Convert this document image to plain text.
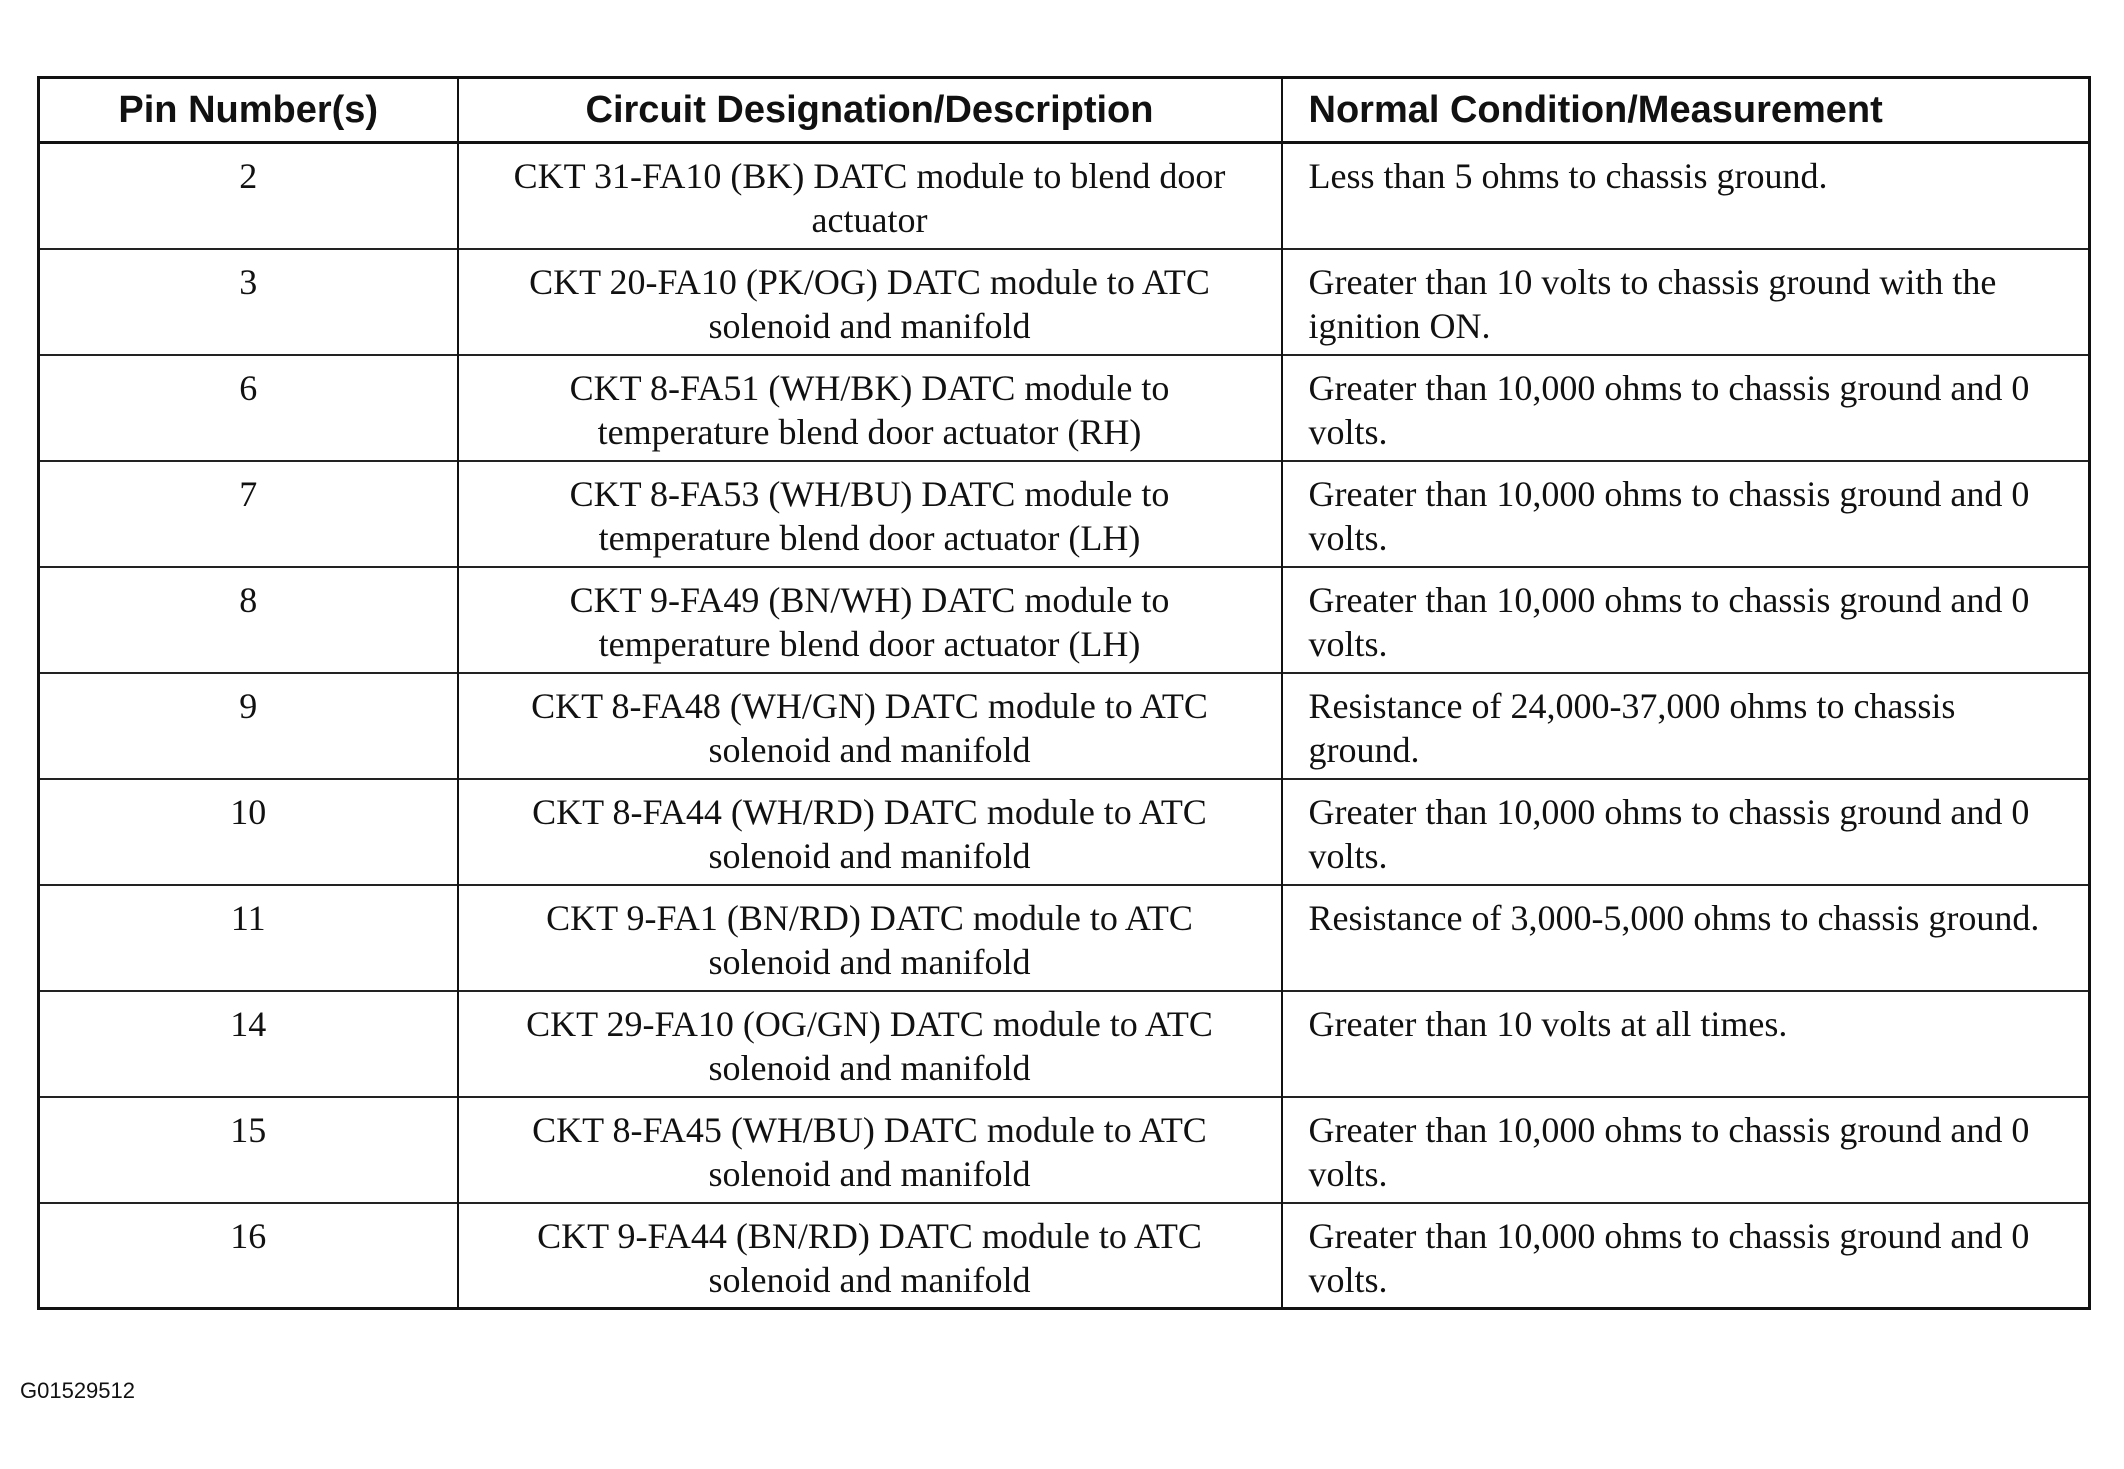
Pin Number(s)	Circuit Designation/Description	Normal Condition/Measurement
2	CKT 31-FA10 (BK) DATC module to blend door actuator	Less than 5 ohms to chassis ground.
3	CKT 20-FA10 (PK/OG) DATC module to ATC solenoid and manifold	Greater than 10 volts to chassis ground with the ignition ON.
6	CKT 8-FA51 (WH/BK) DATC module to temperature blend door actuator (RH)	Greater than 10,000 ohms to chassis ground and 0 volts.
7	CKT 8-FA53 (WH/BU) DATC module to temperature blend door actuator (LH)	Greater than 10,000 ohms to chassis ground and 0 volts.
8	CKT 9-FA49 (BN/WH) DATC module to temperature blend door actuator (LH)	Greater than 10,000 ohms to chassis ground and 0 volts.
9	CKT 8-FA48 (WH/GN) DATC module to ATC solenoid and manifold	Resistance of 24,000-37,000 ohms to chassis ground.
10	CKT 8-FA44 (WH/RD) DATC module to ATC solenoid and manifold	Greater than 10,000 ohms to chassis ground and 0 volts.
11	CKT 9-FA1 (BN/RD) DATC module to ATC solenoid and manifold	Resistance of 3,000-5,000 ohms to chassis ground.
14	CKT 29-FA10 (OG/GN) DATC module to ATC solenoid and manifold	Greater than 10 volts at all times.
15	CKT 8-FA45 (WH/BU) DATC module to ATC solenoid and manifold	Greater than 10,000 ohms to chassis ground and 0 volts.
16	CKT 9-FA44 (BN/RD) DATC module to ATC solenoid and manifold	Greater than 10,000 ohms to chassis ground and 0 volts.
G01529512
